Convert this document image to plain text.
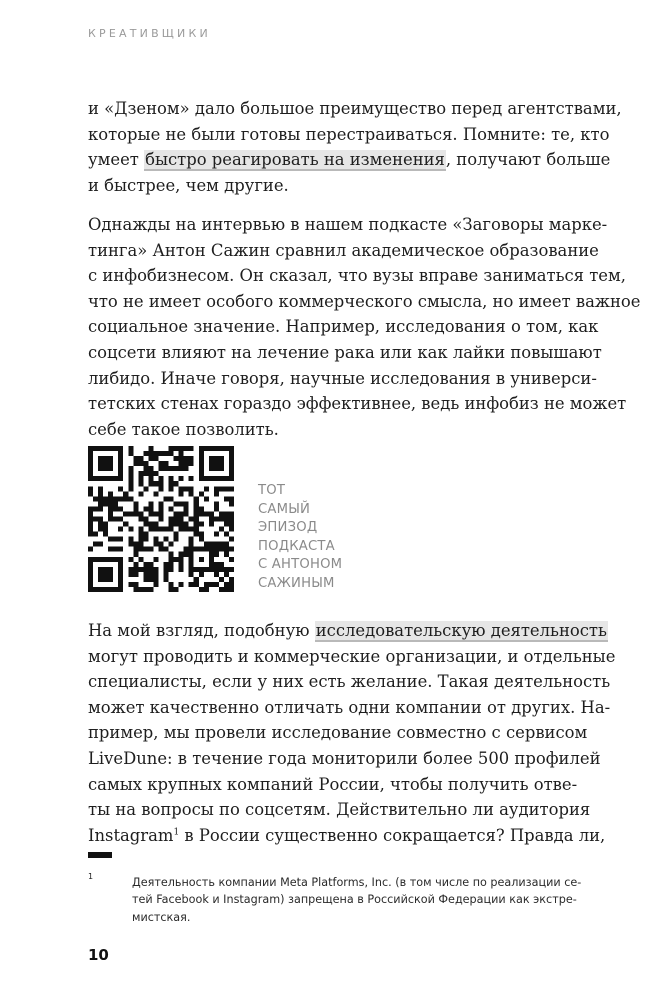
КРЕАТИВЩИКИ

и «Дзеном» дало большое преимущество перед агентствами,
которые не были готовы перестраиваться. Помните: те, кто
умеет быстро реагировать на изменения, получают больше
и быстрее, чем другие.

Однажды на интервью в нашем подкасте «Заговоры марке-
тинга» Антон Сажин сравнил академическое образование
с инфобизнесом. Он сказал, что вузы вправе заниматься тем,
что не имеет особого коммерческого смысла, но имеет важное
социальное значение. Например, исследования о том, как
соцсети влияют на лечение рака или как лайки повышают
либидо. Иначе говоря, научные исследования в универси-
тетских стенах гораздо эффективнее, ведь инфобиз не может
себе такое позволить.

ТОТ
САМЫЙ
ЭПИЗОД
ПОДКАСТА
С АНТОНОМ
САЖИНЫМ

На мой взгляд, подобную исследовательскую деятельность
могут проводить и коммерческие организации, и отдельные
специалисты, если у них есть желание. Такая деятельность
может качественно отличать одни компании от других. На-
пример, мы провели исследование совместно с сервисом
LiveDune: в течение года мониторили более 500 профилей
самых крупных компаний России, чтобы получить отве-
ты на вопросы по соцсетям. Действительно ли аудитория
Instagram$^1$ в России существенно сокращается? Правда ли,

1	Деятельность компании Meta Platforms, Inc. (в том числе по реализации се-
тей Facebook и Instagram) запрещена в Российской Федерации как экстре-
мистская.
10
